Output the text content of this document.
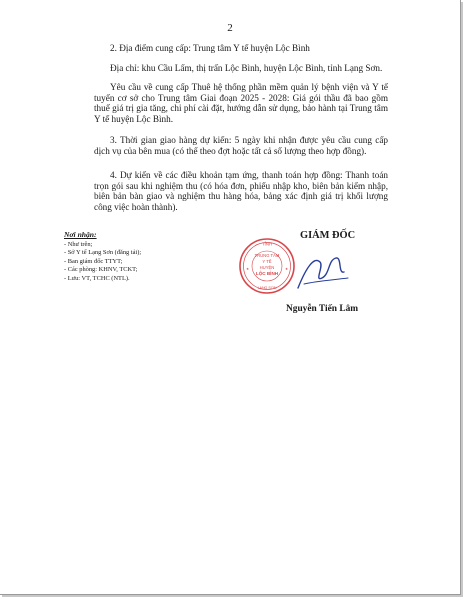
2
2. Địa điểm cung cấp: Trung tâm Y tế huyện Lộc Bình
Địa chỉ: khu Cầu Lấm, thị trấn Lộc Bình, huyện Lộc Bình, tỉnh Lạng Sơn.
Yêu cầu về cung cấp Thuê hệ thống phần mềm quản lý bệnh viện và Y tế tuyến cơ sở cho Trung tâm Giai đoạn 2025 - 2028: Giá gói thầu đã bao gồm thuế giá trị gia tăng, chi phí cài đặt, hướng dẫn sử dụng, bảo hành tại Trung tâm Y tế huyện Lộc Bình.
3. Thời gian giao hàng dự kiến: 5 ngày khi nhận được yêu cầu cung cấp dịch vụ của bên mua (có thể theo đợt hoặc tất cả số lượng theo hợp đồng).
4. Dự kiến về các điều khoản tạm ứng, thanh toán hợp đồng: Thanh toán trọn gói sau khi nghiệm thu (có hóa đơn, phiếu nhập kho, biên bản kiểm nhập, biên bản bàn giao và nghiệm thu hàng hóa, bảng xác định giá trị khối lượng công việc hoàn thành).
Nơi nhận:
- Như trên;
- Sở Y tế Lạng Sơn (đăng tải);
- Ban giám đốc TTYT;
- Các phòng: KHNV, TCKT;
- Lưu: VT, TCHC (NTL).
GIÁM ĐỐC
TỈNH
TRUNG TÂM
Y TẾ
HUYỆN
LỘC BÌNH
★	★
LẠNG SƠN
Nguyễn Tiến Lâm
